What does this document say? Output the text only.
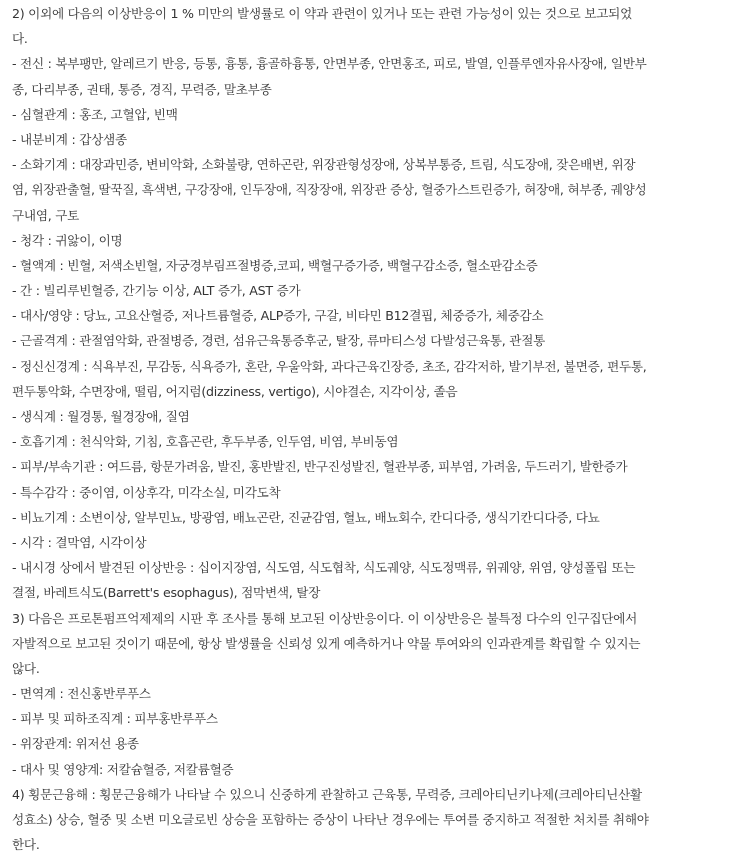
2) 이외에 다음의 이상반응이 1 % 미만의 발생률로 이 약과 관련이 있거나 또는 관련 가능성이 있는 것으로 보고되었
다.
- 전신 : 복부팽만, 알레르기 반응, 등통, 흉통, 흉골하흉통, 안면부종, 안면홍조, 피로, 발열, 인플루엔자유사장애, 일반부
종, 다리부종, 권태, 통증, 경직, 무력증, 말초부종
- 심혈관계 : 홍조, 고혈압, 빈맥
- 내분비계 : 갑상샘종
- 소화기계 : 대장과민증, 변비악화, 소화불량, 연하곤란, 위장관형성장애, 상복부통증, 트림, 식도장애, 잦은배변, 위장
염, 위장관출혈, 딸꾹질, 흑색변, 구강장애, 인두장애, 직장장애, 위장관 증상, 혈중가스트린증가, 혀장애, 혀부종, 궤양성
구내염, 구토
- 청각 : 귀앓이, 이명
- 혈액계 : 빈혈, 저색소빈혈, 자궁경부림프절병증,코피, 백혈구증가증, 백혈구감소증, 혈소판감소증
- 간 : 빌리루빈혈증, 간기능 이상, ALT 증가, AST 증가
- 대사/영양 : 당뇨, 고요산혈증, 저나트륨혈증, ALP증가, 구갈, 비타민 B12결핍, 체중증가, 체중감소
- 근골격계 : 관절염악화, 관절병증, 경련, 섬유근육통증후군, 탈장, 류마티스성 다발성근육통, 관절통
- 정신신경계 : 식욕부진, 무감동, 식욕증가, 혼란, 우울악화, 과다근육긴장증, 초조, 감각저하, 발기부전, 불면증, 편두통,
편두통악화, 수면장애, 떨림, 어지럼(dizziness, vertigo), 시야결손, 지각이상, 졸음
- 생식계 : 월경통, 월경장애, 질염
- 호흡기계 : 천식악화, 기침, 호흡곤란, 후두부종, 인두염, 비염, 부비동염
- 피부/부속기관 : 여드름, 항문가려움, 발진, 홍반발진, 반구진성발진, 혈관부종, 피부염, 가려움, 두드러기, 발한증가
- 특수감각 : 중이염, 이상후각, 미각소실, 미각도착
- 비뇨기계 : 소변이상, 알부민뇨, 방광염, 배뇨곤란, 진균감염, 혈뇨, 배뇨회수, 칸디다증, 생식기칸디다증, 다뇨
- 시각 : 결막염, 시각이상
- 내시경 상에서 발견된 이상반응 : 십이지장염, 식도염, 식도협착, 식도궤양, 식도정맥류, 위궤양, 위염, 양성폴립 또는
결절, 바레트식도(Barrett's esophagus), 점막변색, 탈장
3) 다음은 프로톤펌프억제제의 시판 후 조사를 통해 보고된 이상반응이다. 이 이상반응은 불특정 다수의 인구집단에서
자발적으로 보고된 것이기 때문에, 항상 발생률을 신뢰성 있게 예측하거나 약물 투여와의 인과관계를 확립할 수 있지는
않다.
- 면역계 : 전신홍반루푸스
- 피부 및 피하조직계 : 피부홍반루푸스
- 위장관계: 위저선 용종
- 대사 및 영양계: 저칼슘혈증, 저칼륨혈증
4) 횡문근융해 : 횡문근융해가 나타날 수 있으니 신중하게 관찰하고 근육통, 무력증, 크레아티닌키나제(크레아티닌산활
성효소) 상승, 혈중 및 소변 미오글로빈 상승을 포함하는 증상이 나타난 경우에는 투여를 중지하고 적절한 처치를 취해야
한다.
